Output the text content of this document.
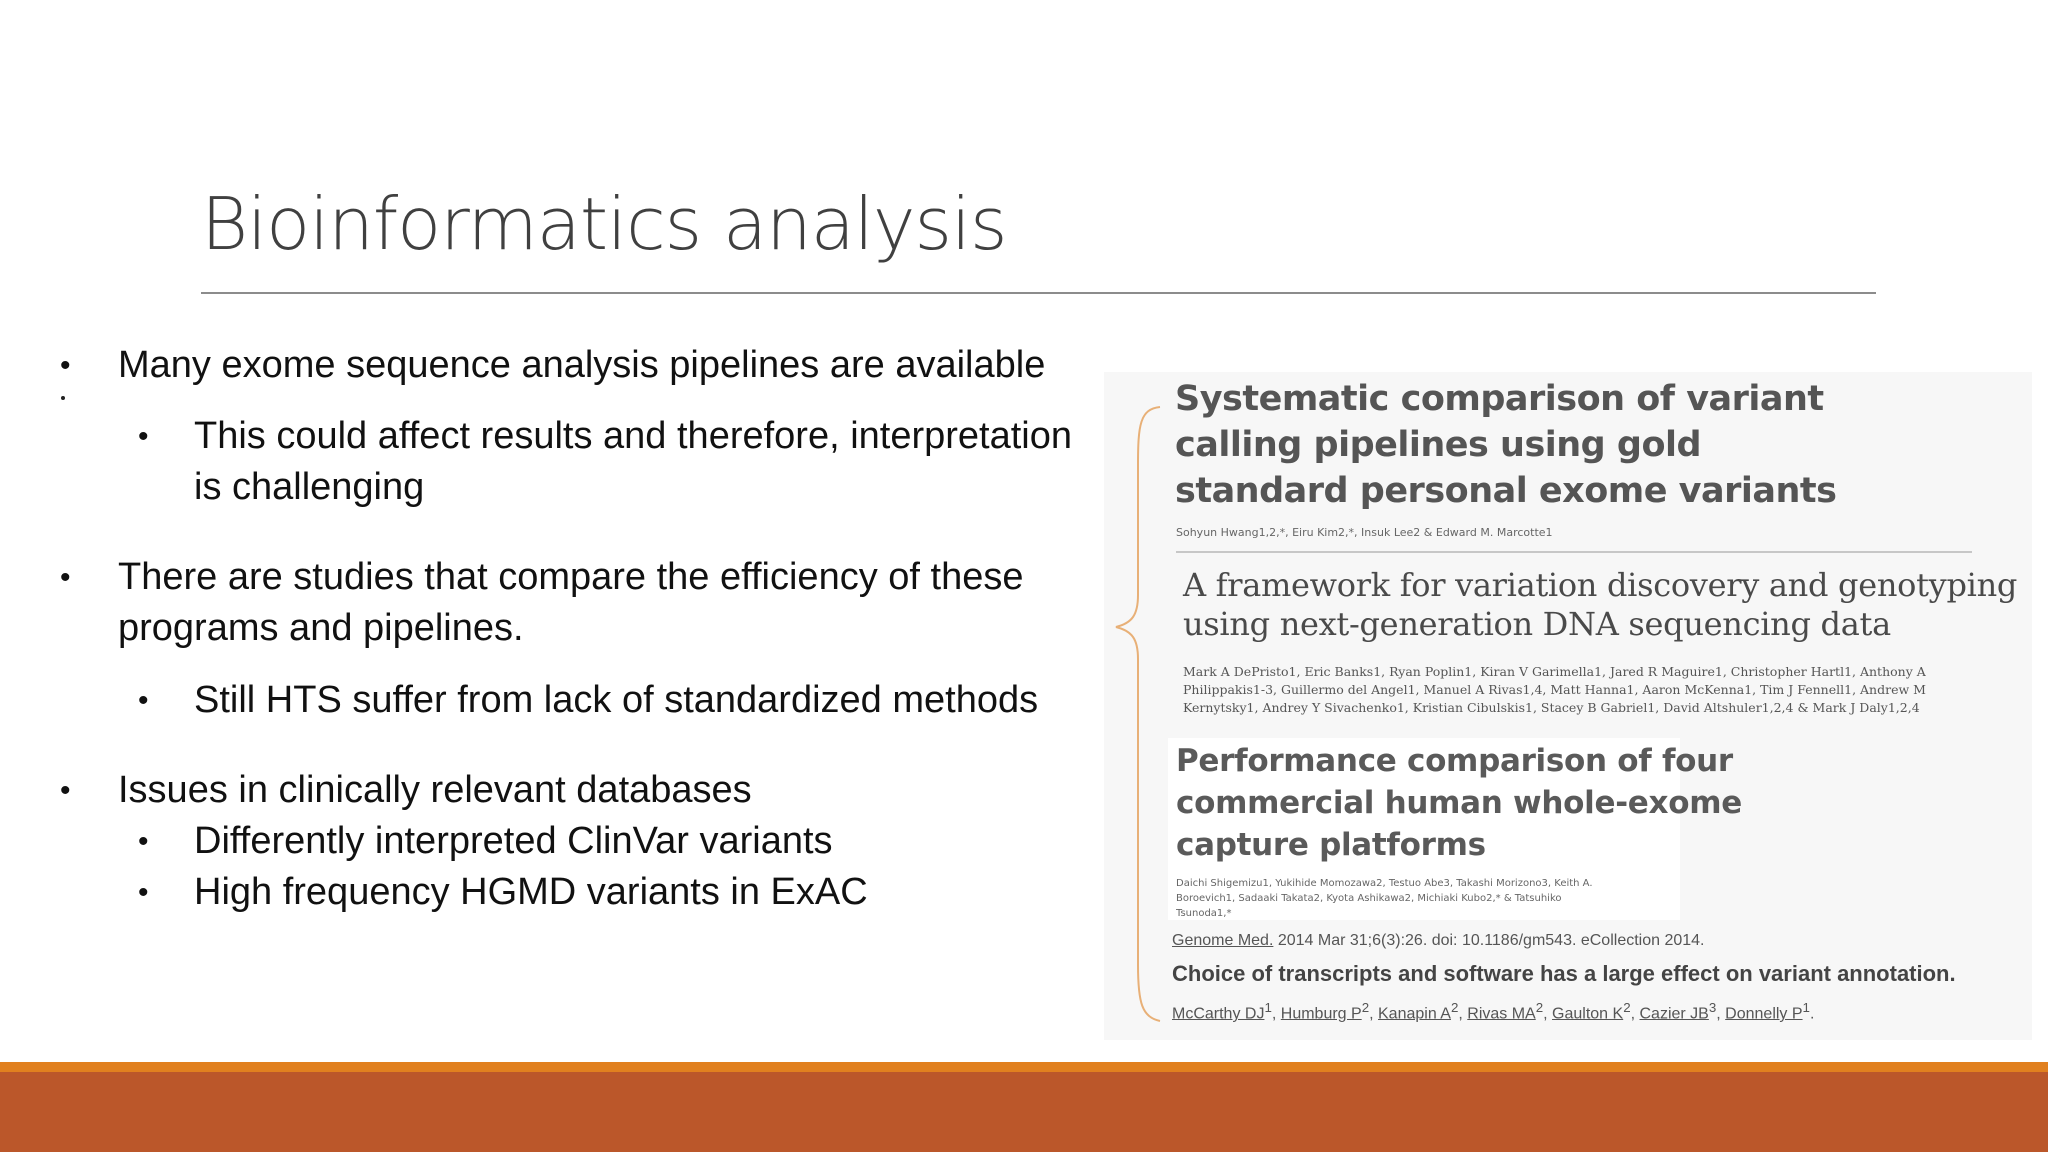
Bioinformatics analysis
• Many exome sequence analysis pipelines are available
• This could affect results and therefore, interpretation
is challenging
• There are studies that compare the efficiency of these
programs and pipelines.
• Still HTS suffer from lack of standardized methods
• Issues in clinically relevant databases
• Differently interpreted ClinVar variants
• High frequency HGMD variants in ExAC
Systematic comparison of variant
calling pipelines using gold
standard personal exome variants
Sohyun Hwang1,2,*, Eiru Kim2,*, Insuk Lee2 & Edward M. Marcotte1
A framework for variation discovery and genotyping
using next-generation DNA sequencing data
Mark A DePristo1, Eric Banks1, Ryan Poplin1, Kiran V Garimella1, Jared R Maguire1, Christopher Hartl1, Anthony A Philippakis1-3, Guillermo del Angel1, Manuel A Rivas1,4, Matt Hanna1, Aaron McKenna1, Tim J Fennell1, Andrew M Kernytsky1, Andrey Y Sivachenko1, Kristian Cibulskis1, Stacey B Gabriel1, David Altshuler1,2,4 & Mark J Daly1,2,4
Performance comparison of four
commercial human whole-exome
capture platforms
Daichi Shigemizu1, Yukihide Momozawa2, Testuo Abe3, Takashi Morizono3, Keith A. Boroevich1, Sadaaki Takata2, Kyota Ashikawa2, Michiaki Kubo2,* & Tatsuhiko Tsunoda1,*
Genome Med. 2014 Mar 31;6(3):26. doi: 10.1186/gm543. eCollection 2014.
Choice of transcripts and software has a large effect on variant annotation.
McCarthy $DJ^1$, Humburg $P^2$, Kanapin $A^2$, Rivas $MA^2$, Gaulton $K^2$, Cazier $JB^3$, Donnelly $P^1$.
